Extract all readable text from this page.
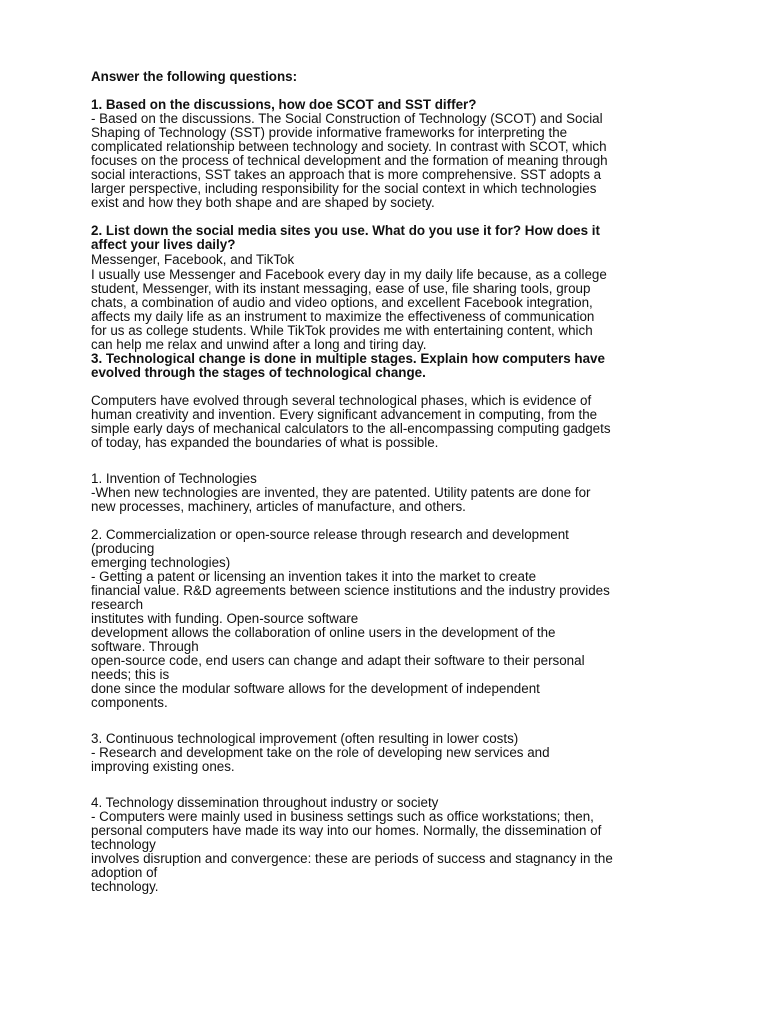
Answer the following questions:
1. Based on the discussions, how doe SCOT and SST differ?
- Based on the discussions. The Social Construction of Technology (SCOT) and Social
Shaping of Technology (SST) provide informative frameworks for interpreting the
complicated relationship between technology and society. In contrast with SCOT, which
focuses on the process of technical development and the formation of meaning through
social interactions, SST takes an approach that is more comprehensive. SST adopts a
larger perspective, including responsibility for the social context in which technologies
exist and how they both shape and are shaped by society.
2. List down the social media sites you use. What do you use it for? How does it
affect your lives daily?
Messenger, Facebook, and TikTok
I usually use Messenger and Facebook every day in my daily life because, as a college
student, Messenger, with its instant messaging, ease of use, file sharing tools, group
chats, a combination of audio and video options, and excellent Facebook integration,
affects my daily life as an instrument to maximize the effectiveness of communication
for us as college students. While TikTok provides me with entertaining content, which
can help me relax and unwind after a long and tiring day.
3. Technological change is done in multiple stages. Explain how computers have
evolved through the stages of technological change.
Computers have evolved through several technological phases, which is evidence of
human creativity and invention. Every significant advancement in computing, from the
simple early days of mechanical calculators to the all-encompassing computing gadgets
of today, has expanded the boundaries of what is possible.
1. Invention of Technologies
-When new technologies are invented, they are patented. Utility patents are done for
new processes, machinery, articles of manufacture, and others.
2. Commercialization or open-source release through research and development
(producing
emerging technologies)
- Getting a patent or licensing an invention takes it into the market to create
financial value. R&D agreements between science institutions and the industry provides
research
institutes with funding. Open-source software
development allows the collaboration of online users in the development of the
software. Through
open-source code, end users can change and adapt their software to their personal
needs; this is
done since the modular software allows for the development of independent
components.
3. Continuous technological improvement (often resulting in lower costs)
- Research and development take on the role of developing new services and
improving existing ones.
4. Technology dissemination throughout industry or society
- Computers were mainly used in business settings such as office workstations; then,
personal computers have made its way into our homes. Normally, the dissemination of
technology
involves disruption and convergence: these are periods of success and stagnancy in the
adoption of
technology.
